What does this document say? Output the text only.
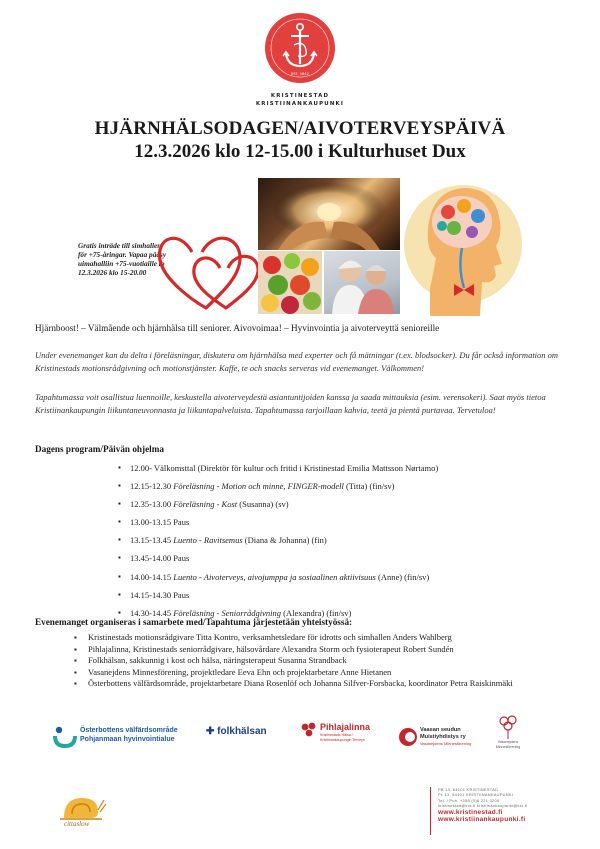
EST. 1642
KRISTINESTAD
KRISTIINANKAUPUNKI
HJÄRNHÄLSODAGEN/AIVOTERVEYSPÄIVÄ
12.3.2026 klo 12-15.00 i Kulturhuset Dux
Gratis inträde till simhallen för +75-åringar. Vapaa pääsy uimahalliin +75-vuotiaille to 12.3.2026 klo 15-20.00
Hjärnboost! – Välmående och hjärnhälsa till seniorer. Aivovoimaa! – Hyvinvointia ja aivoterveyttä senioreille
Under evenemanget kan du delta i föreläsningar, diskutera om hjärnhälsa med experter och få mätningar (t.ex. blodsocker). Du får också information om Kristinestads motionsrådgivning och motionstjänster. Kaffe, te och snacks serveras vid evenemanget. Välkommen!
Tapahtumassa voit osallistua luennoille, keskustella aivoterveydestä asiantuntijoiden kanssa ja saada mittauksia (esim. verensokeri). Saat myös tietoa Kristiinankaupungin liikuntaneuvonnasta ja liikuntapalveluista. Tapahtumassa tarjoillaan kahvia, teetä ja pientä purtavaa. Tervetuloa!
Dagens program/Päivän ohjelma
▪ 12.00- Välkomsttal (Direktör för kultur och fritid i Kristinestad Emilia Mattsson Nørtamo)
▪ 12.15-12.30 Föreläsning - Motion och minne, FINGER-modell (Titta) (fin/sv)
▪ 12.35-13.00 Föreläsning - Kost (Susanna) (sv)
▪ 13.00-13.15 Paus
▪ 13.15-13.45 Luento - Ravitsemus (Diana & Johanna) (fin)
▪ 13.45-14.00 Paus
▪ 14.00-14.15 Luento - Aivoterveys, aivojumppa ja sosiaalinen aktiivisuus (Anne) (fin/sv)
▪ 14.15-14.30 Paus
▪ 14.30-14.45 Föreläsning - Seniorrådgivning (Alexandra) (fin/sv)
Evenemanget organiseras i samarbete med/Tapahtuma järjestetään yhteistyössä:
▪ Kristinestads motionsrådgivare Titta Kontro, verksamhetsledare för idrotts och simhallen Anders Wahlberg
▪ Pihlajalinna, Kristinestads seniorrådgivare, hälsovårdare Alexandra Storm och fysioterapeut Robert Sundén
▪ Folkhälsan, sakkunnig i kost och hälsa, näringsterapeut Susanna Strandback
▪ Vasanejdens Minnesförening, projektledare Eeva Ehn och projektarbetare Anne Hietanen
▪ Österbottens välfärdsområde, projektarbetare Diana Rosenlöf och Johanna Silfver-Forsbacka, koordinator Petra Raiskinmäki
Österbottens välfärdsområde
Pohjanmaan hyvinvointialue
✚ folkhälsan	Pihlajalinna
Kristinestads Hälsa / Kristiinankaupungin Terveys
Vaasan seudun Muistiyhdistys ry
Vasanejdens Minnesförening	Vasanejdens Minnesförening
cittaslow
PB 13, 64101 KRISTINESTAD
PL 13, 64101 KRISTIINANKAUPUNKI
Tel. / Puh. +358 (0)6 221 3200
kristinestad@krs.fi kristiinankaupunki@krs.fi
www.kristinestad.fi
www.kristiinankaupunki.fi
